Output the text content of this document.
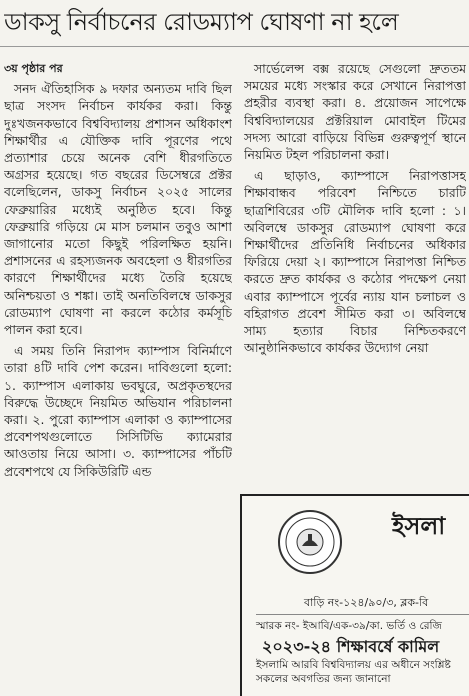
ডাকসু নির্বাচনের রোডম্যাপ ঘোষণা না হলে

৩য় পৃষ্ঠার পর

সনদ ঐতিহাসিক ৯ দফার অন্যতম দাবি ছিল ছাত্র সংসদ নির্বাচন কার্যকর করা। কিন্তু দুঃখজনকভাবে বিশ্ববিদ্যালয় প্রশাসন অধিকাংশ শিক্ষার্থীর এ যৌক্তিক দাবি পূরণের পথে প্রত্যাশার চেয়ে অনেক বেশি ধীরগতিতে অগ্রসর হয়েছে। গত বছরের ডিসেম্বরে প্রক্টর বলেছিলেন, ডাকসু নির্বাচন ২০২৫ সালের ফেব্রুয়ারির মধ্যেই অনুষ্ঠিত হবে। কিন্তু ফেব্রুয়ারি গড়িয়ে মে মাস চলমান তবুও আশা জাগানোর মতো কিছুই পরিলক্ষিত হয়নি। প্রশাসনের এ রহস্যজনক অবহেলা ও ধীরগতির কারণে শিক্ষার্থীদের মধ্যে তৈরি হয়েছে অনিশ্চয়তা ও শঙ্কা। তাই অনতিবিলম্বে ডাকসুর রোডম্যাপ ঘোষণা না করলে কঠোর কর্মসূচি পালন করা হবে।

এ সময় তিনি নিরাপদ ক্যাম্পাস বিনির্মাণে তারা ৪টি দাবি পেশ করেন। দাবিগুলো হলো: ১. ক্যাম্পাস এলাকায় ভবঘুরে, অপ্রকৃতস্থদের বিরুদ্ধে উচ্ছেদে নিয়মিত অভিযান পরিচালনা করা। ২. পুরো ক্যাম্পাস এলাকা ও ক্যাম্পাসের প্রবেশপথগুলোতে সিসিটিভি ক্যামেরার আওতায় নিয়ে আসা। ৩. ক্যাম্পাসের পাঁচটি প্রবেশপথে যে সিকিউরিটি এন্ড

সার্ভেলেন্স বক্স রয়েছে সেগুলো দ্রুততম সময়ের মধ্যে সংস্কার করে সেখানে নিরাপত্তা প্রহরীর ব্যবস্থা করা। ৪. প্রয়োজন সাপেক্ষে বিশ্ববিদ্যালয়ের প্রক্টরিয়াল মোবাইল টিমের সদস্য আরো বাড়িয়ে বিভিন্ন গুরুত্বপূর্ণ স্থানে নিয়মিত টহল পরিচালনা করা।

এ ছাড়াও, ক্যাম্পাসে নিরাপত্তাসহ শিক্ষাবান্ধব পরিবেশ নিশ্চিতে চারটি ছাত্রশিবিরের ৩টি মৌলিক দাবি হলো : ১। অবিলম্বে ডাকসুর রোডম্যাপ ঘোষণা করে শিক্ষার্থীদের প্রতিনিধি নির্বাচনের অধিকার ফিরিয়ে দেয়া ২। ক্যাম্পাসে নিরাপত্তা নিশ্চিত করতে দ্রুত কার্যকর ও কঠোর পদক্ষেপ নেয়া এবার ক্যাম্পাসে পূর্বের ন্যায় যান চলাচল ও বহিরাগত প্রবেশ সীমিত করা ৩। অবিলম্বে সাম্য হত্যার বিচার নিশ্চিতকরণে আনুষ্ঠানিকভাবে কার্যকর উদ্যোগ নেয়া

ইসলা
বাড়ি নং-১২৪/৯০/৩, ব্লক-বি
স্মারক নং- ইআবি/এক-৩৯/কা. ভর্তি ও রেজি
২০২৩-২৪ শিক্ষাবর্ষে কামিল
ইসলামি আরবি বিশ্ববিদ্যালয় এর অধীনে সংশ্লিষ্ট সকলের অবগতির জন্য জানানো
